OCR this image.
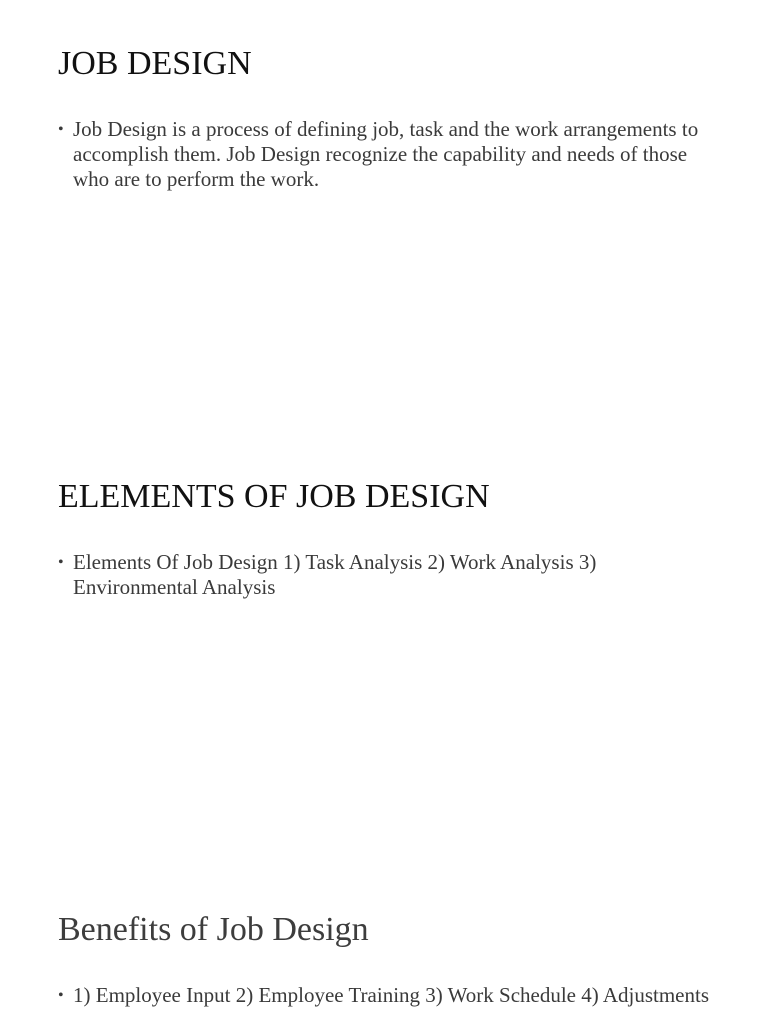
JOB DESIGN
• Job Design is a process of defining job, task and the work arrangements to accomplish them. Job Design recognize the capability and needs of those who are to perform the work.
ELEMENTS OF JOB DESIGN
• Elements Of Job Design 1) Task Analysis 2) Work Analysis 3) Environmental Analysis
Benefits of Job Design
• 1) Employee Input 2) Employee Training 3) Work Schedule 4) Adjustments
